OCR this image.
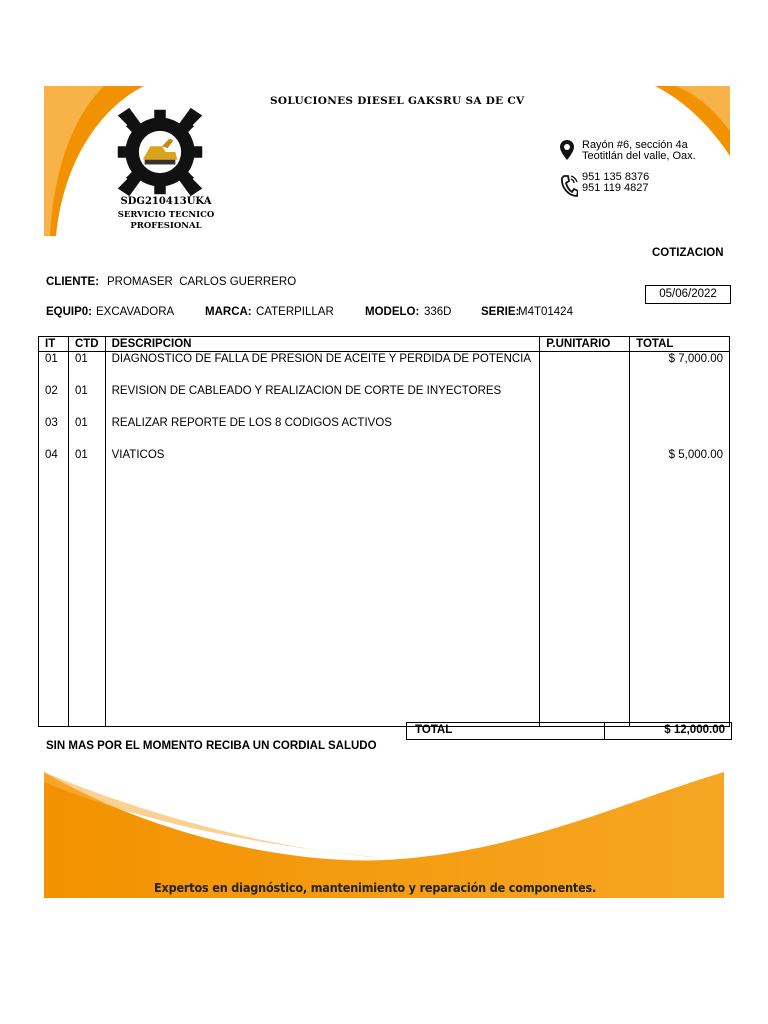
SOLUCIONES DIESEL GAKSRU SA DE CV
SDG210413UKA
SERVICIO TECNICO
PROFESIONAL
Rayón #6, sección 4a
Teotitlán del valle, Oax.
951 135 8376
951 119 4827
COTIZACION
CLIENTE: PROMASER  CARLOS GUERRERO
05/06/2022
EQUIP0: EXCAVADORA	MARCA: CATERPILLAR	MODELO: 336D	SERIE:
M4T01424
IT	CTD	DESCRIPCION	P.UNITARIO	TOTAL
01	01	DIAGNOSTICO DE FALLA DE PRESION DE ACEITE Y PERDIDA DE POTENCIA		$ 7,000.00
02	01	REVISION DE CABLEADO Y REALIZACION DE CORTE DE INYECTORES		
03	01	REALIZAR REPORTE DE LOS 8 CODIGOS ACTIVOS		
04	01	VIATICOS		$ 5,000.00

TOTAL	$ 12,000.00
SIN MAS POR EL MOMENTO RECIBA UN CORDIAL SALUDO
Expertos en diagnóstico, mantenimiento y reparación de componentes.
